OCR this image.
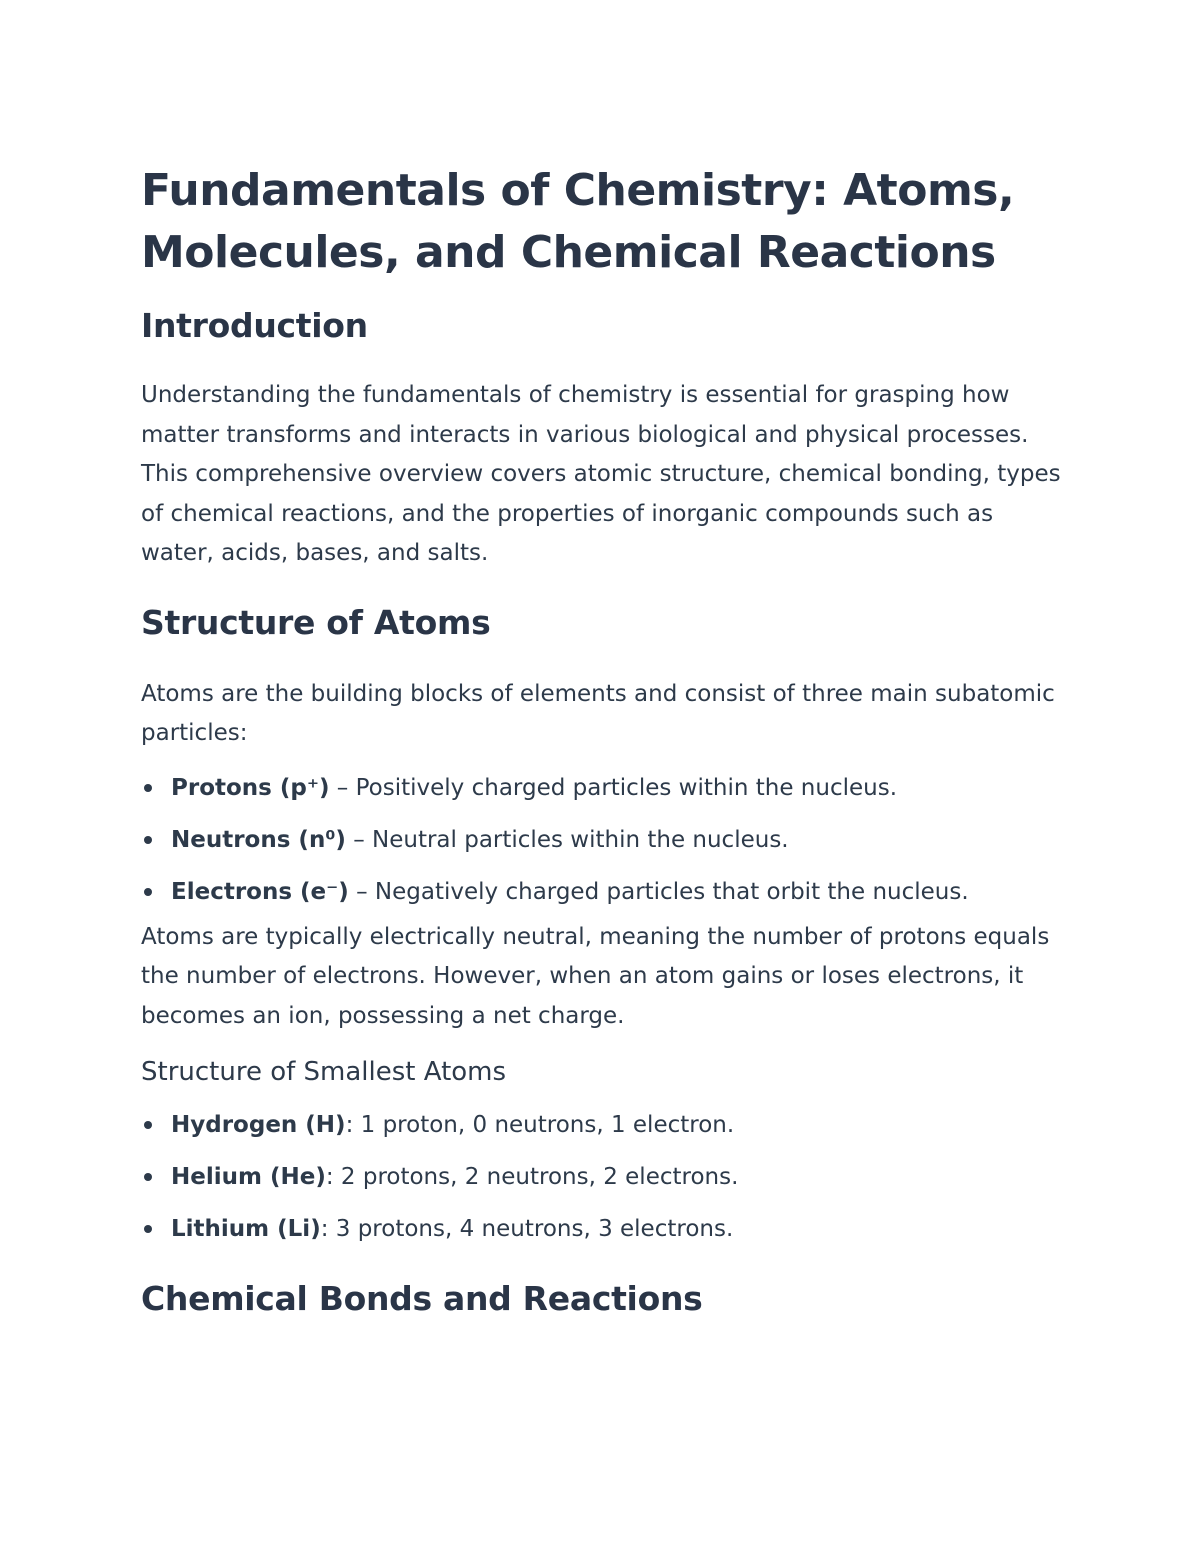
Fundamentals of Chemistry: Atoms, Molecules, and Chemical Reactions
Introduction

Understanding the fundamentals of chemistry is essential for grasping how matter transforms and interacts in various biological and physical processes. This comprehensive overview covers atomic structure, chemical bonding, types of chemical reactions, and the properties of inorganic compounds such as water, acids, bases, and salts.

Structure of Atoms

Atoms are the building blocks of elements and consist of three main subatomic particles:

Protons (p⁺) – Positively charged particles within the nucleus.
Neutrons (n⁰) – Neutral particles within the nucleus.
Electrons (e⁻) – Negatively charged particles that orbit the nucleus.

Atoms are typically electrically neutral, meaning the number of protons equals the number of electrons. However, when an atom gains or loses electrons, it becomes an ion, possessing a net charge.

Structure of Smallest Atoms
Hydrogen (H): 1 proton, 0 neutrons, 1 electron.
Helium (He): 2 protons, 2 neutrons, 2 electrons.
Lithium (Li): 3 protons, 4 neutrons, 3 electrons.
Chemical Bonds and Reactions
